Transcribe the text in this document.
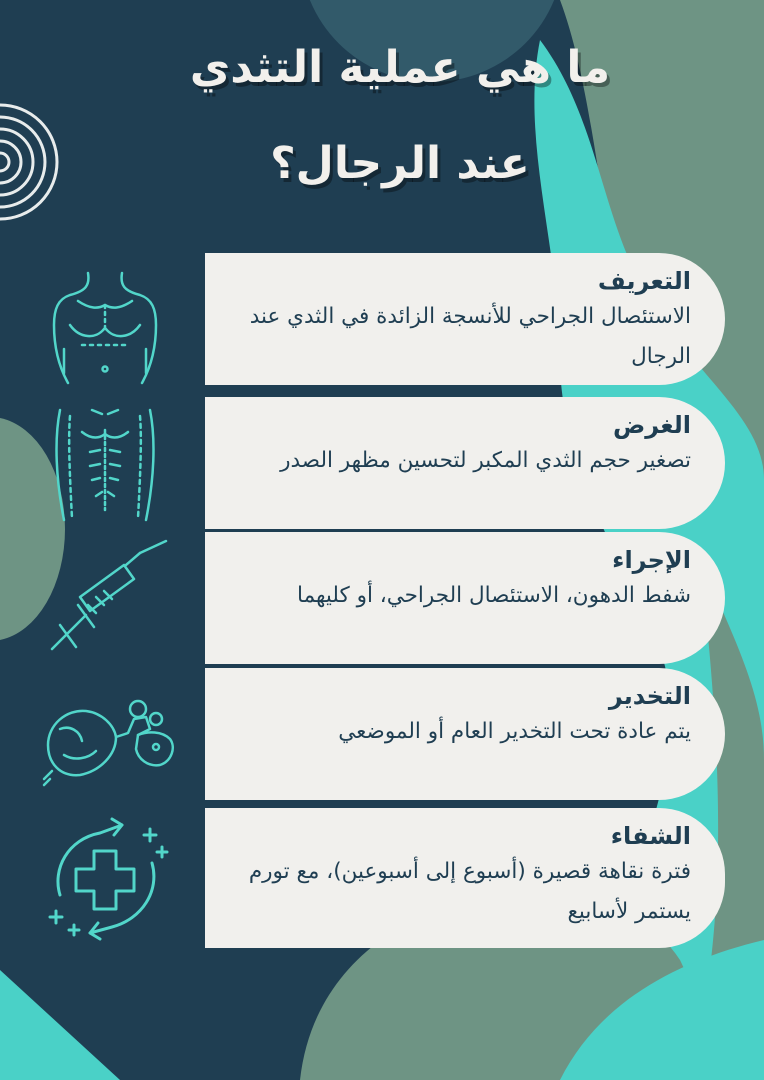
ما هي عملية التثدي
عند الرجال؟
التعريف
الاستئصال الجراحي للأنسجة الزائدة في الثدي عند الرجال
الغرض
تصغير حجم الثدي المكبر لتحسين مظهر الصدر
الإجراء
شفط الدهون، الاستئصال الجراحي، أو كليهما
التخدير
يتم عادة تحت التخدير العام أو الموضعي
الشفاء
فترة نقاهة قصيرة (أسبوع إلى أسبوعين)، مع تورم يستمر لأسابيع
